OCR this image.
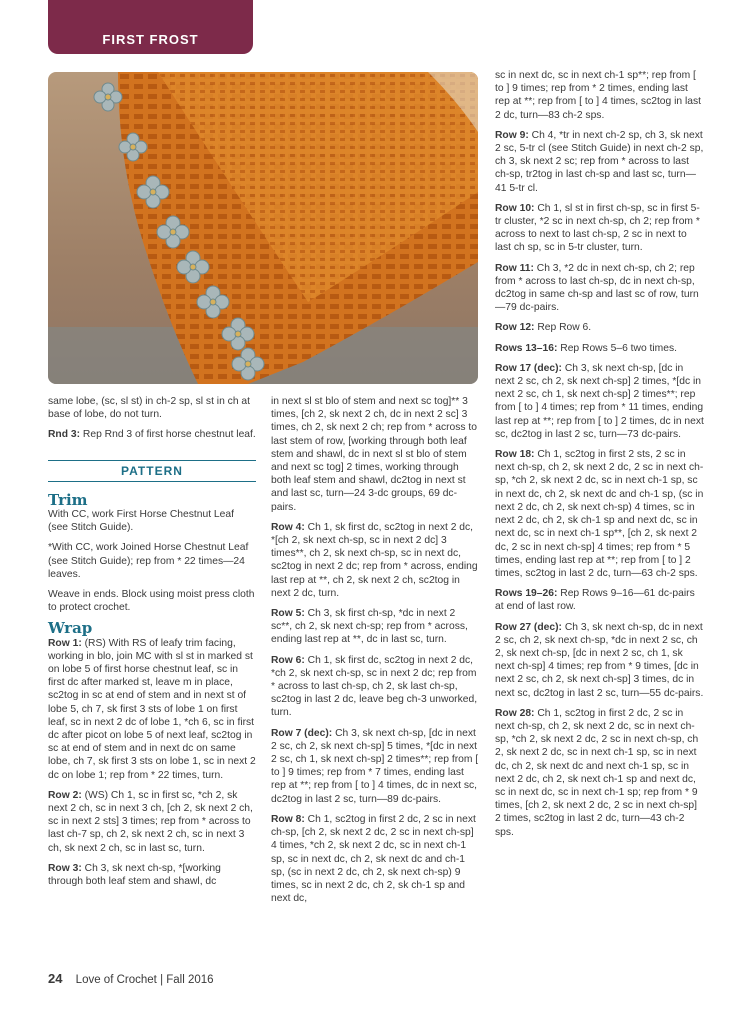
FIRST FROST

same lobe, (sc, sl st) in ch-2 sp, sl st in ch at base of lobe, do not turn.

Rnd 3: Rep Rnd 3 of first horse chestnut leaf.

PATTERN
Trim

With CC, work First Horse Chestnut Leaf (see Stitch Guide).

*With CC, work Joined Horse Chestnut Leaf (see Stitch Guide); rep from * 22 times—24 leaves.

Weave in ends. Block using moist press cloth to protect crochet.

Wrap

Row 1: (RS) With RS of leafy trim facing, working in blo, join MC with sl st in marked st on lobe 5 of first horse chestnut leaf, sc in first dc after marked st, leave m in place, sc2tog in sc at end of stem and in next st of lobe 5, ch 7, sk first 3 sts of lobe 1 on first leaf, sc in next 2 dc of lobe 1, *ch 6, sc in first dc after picot on lobe 5 of next leaf, sc2tog in sc at end of stem and in next dc on same lobe, ch 7, sk first 3 sts on lobe 1, sc in next 2 dc on lobe 1; rep from * 22 times, turn.

Row 2: (WS) Ch 1, sc in first sc, *ch 2, sk next 2 ch, sc in next 3 ch, [ch 2, sk next 2 ch, sc in next 2 sts] 3 times; rep from * across to last ch-7 sp, ch 2, sk next 2 ch, sc in next 3 ch, sk next 2 ch, sc in last sc, turn.

Row 3: Ch 3, sk next ch-sp, *[working through both leaf stem and shawl, dc

in next sl st blo of stem and next sc tog]** 3 times, [ch 2, sk next 2 ch, dc in next 2 sc] 3 times, ch 2, sk next 2 ch; rep from * across to last stem of row, [working through both leaf stem and shawl, dc in next sl st blo of stem and next sc tog] 2 times, working through both leaf stem and shawl, dc2tog in next st and last sc, turn—24 3-dc groups, 69 dc-pairs.

Row 4: Ch 1, sk first dc, sc2tog in next 2 dc, *[ch 2, sk next ch-sp, sc in next 2 dc] 3 times**, ch 2, sk next ch-sp, sc in next dc, sc2tog in next 2 dc; rep from * across, ending last rep at **, ch 2, sk next 2 ch, sc2tog in next 2 dc, turn.

Row 5: Ch 3, sk first ch-sp, *dc in next 2 sc**, ch 2, sk next ch-sp; rep from * across, ending last rep at **, dc in last sc, turn.

Row 6: Ch 1, sk first dc, sc2tog in next 2 dc, *ch 2, sk next ch-sp, sc in next 2 dc; rep from * across to last ch-sp, ch 2, sk last ch-sp, sc2tog in last 2 dc, leave beg ch-3 unworked, turn.

Row 7 (dec): Ch 3, sk next ch-sp, [dc in next 2 sc, ch 2, sk next ch-sp] 5 times, *[dc in next 2 sc, ch 1, sk next ch-sp] 2 times**; rep from [ to ] 9 times; rep from * 7 times, ending last rep at **; rep from [ to ] 4 times, dc in next sc, dc2tog in last 2 sc, turn—89 dc-pairs.

Row 8: Ch 1, sc2tog in first 2 dc, 2 sc in next ch-sp, [ch 2, sk next 2 dc, 2 sc in next ch-sp] 4 times, *ch 2, sk next 2 dc, sc in next ch-1 sp, sc in next dc, ch 2, sk next dc and ch-1 sp, (sc in next 2 dc, ch 2, sk next ch-sp) 9 times, sc in next 2 dc, ch 2, sk ch-1 sp and next dc,

sc in next dc, sc in next ch-1 sp**; rep from [ to ] 9 times; rep from * 2 times, ending last rep at **; rep from [ to ] 4 times, sc2tog in last 2 dc, turn—83 ch-2 sps.

Row 9: Ch 4, *tr in next ch-2 sp, ch 3, sk next 2 sc, 5-tr cl (see Stitch Guide) in next ch-2 sp, ch 3, sk next 2 sc; rep from * across to last ch-sp, tr2tog in last ch-sp and last sc, turn—41 5-tr cl.

Row 10: Ch 1, sl st in first ch-sp, sc in first 5-tr cluster, *2 sc in next ch-sp, ch 2; rep from * across to next to last ch-sp, 2 sc in next to last ch sp, sc in 5-tr cluster, turn.

Row 11: Ch 3, *2 dc in next ch-sp, ch 2; rep from * across to last ch-sp, dc in next ch-sp, dc2tog in same ch-sp and last sc of row, turn—79 dc-pairs.

Row 12: Rep Row 6.

Rows 13–16: Rep Rows 5–6 two times.

Row 17 (dec): Ch 3, sk next ch-sp, [dc in next 2 sc, ch 2, sk next ch-sp] 2 times, *[dc in next 2 sc, ch 1, sk next ch-sp] 2 times**; rep from [ to ] 4 times; rep from * 11 times, ending last rep at **; rep from [ to ] 2 times, dc in next sc, dc2tog in last 2 sc, turn—73 dc-pairs.

Row 18: Ch 1, sc2tog in first 2 sts, 2 sc in next ch-sp, ch 2, sk next 2 dc, 2 sc in next ch-sp, *ch 2, sk next 2 dc, sc in next ch-1 sp, sc in next dc, ch 2, sk next dc and ch-1 sp, (sc in next 2 dc, ch 2, sk next ch-sp) 4 times, sc in next 2 dc, ch 2, sk ch-1 sp and next dc, sc in next dc, sc in next ch-1 sp**, [ch 2, sk next 2 dc, 2 sc in next ch-sp] 4 times; rep from * 5 times, ending last rep at **; rep from [ to ] 2 times, sc2tog in last 2 dc, turn—63 ch-2 sps.

Rows 19–26: Rep Rows 9–16—61 dc-pairs at end of last row.

Row 27 (dec): Ch 3, sk next ch-sp, dc in next 2 sc, ch 2, sk next ch-sp, *dc in next 2 sc, ch 2, sk next ch-sp, [dc in next 2 sc, ch 1, sk next ch-sp] 4 times; rep from * 9 times, [dc in next 2 sc, ch 2, sk next ch-sp] 3 times, dc in next sc, dc2tog in last 2 sc, turn—55 dc-pairs.

Row 28: Ch 1, sc2tog in first 2 dc, 2 sc in next ch-sp, ch 2, sk next 2 dc, sc in next ch-sp, *ch 2, sk next 2 dc, 2 sc in next ch-sp, ch 2, sk next 2 dc, sc in next ch-1 sp, sc in next dc, ch 2, sk next dc and next ch-1 sp, sc in next 2 dc, ch 2, sk next ch-1 sp and next dc, sc in next dc, sc in next ch-1 sp; rep from * 9 times, [ch 2, sk next 2 dc, 2 sc in next ch-sp] 2 times, sc2tog in last 2 dc, turn—43 ch-2 sps.

24 Love of Crochet | Fall 2016
